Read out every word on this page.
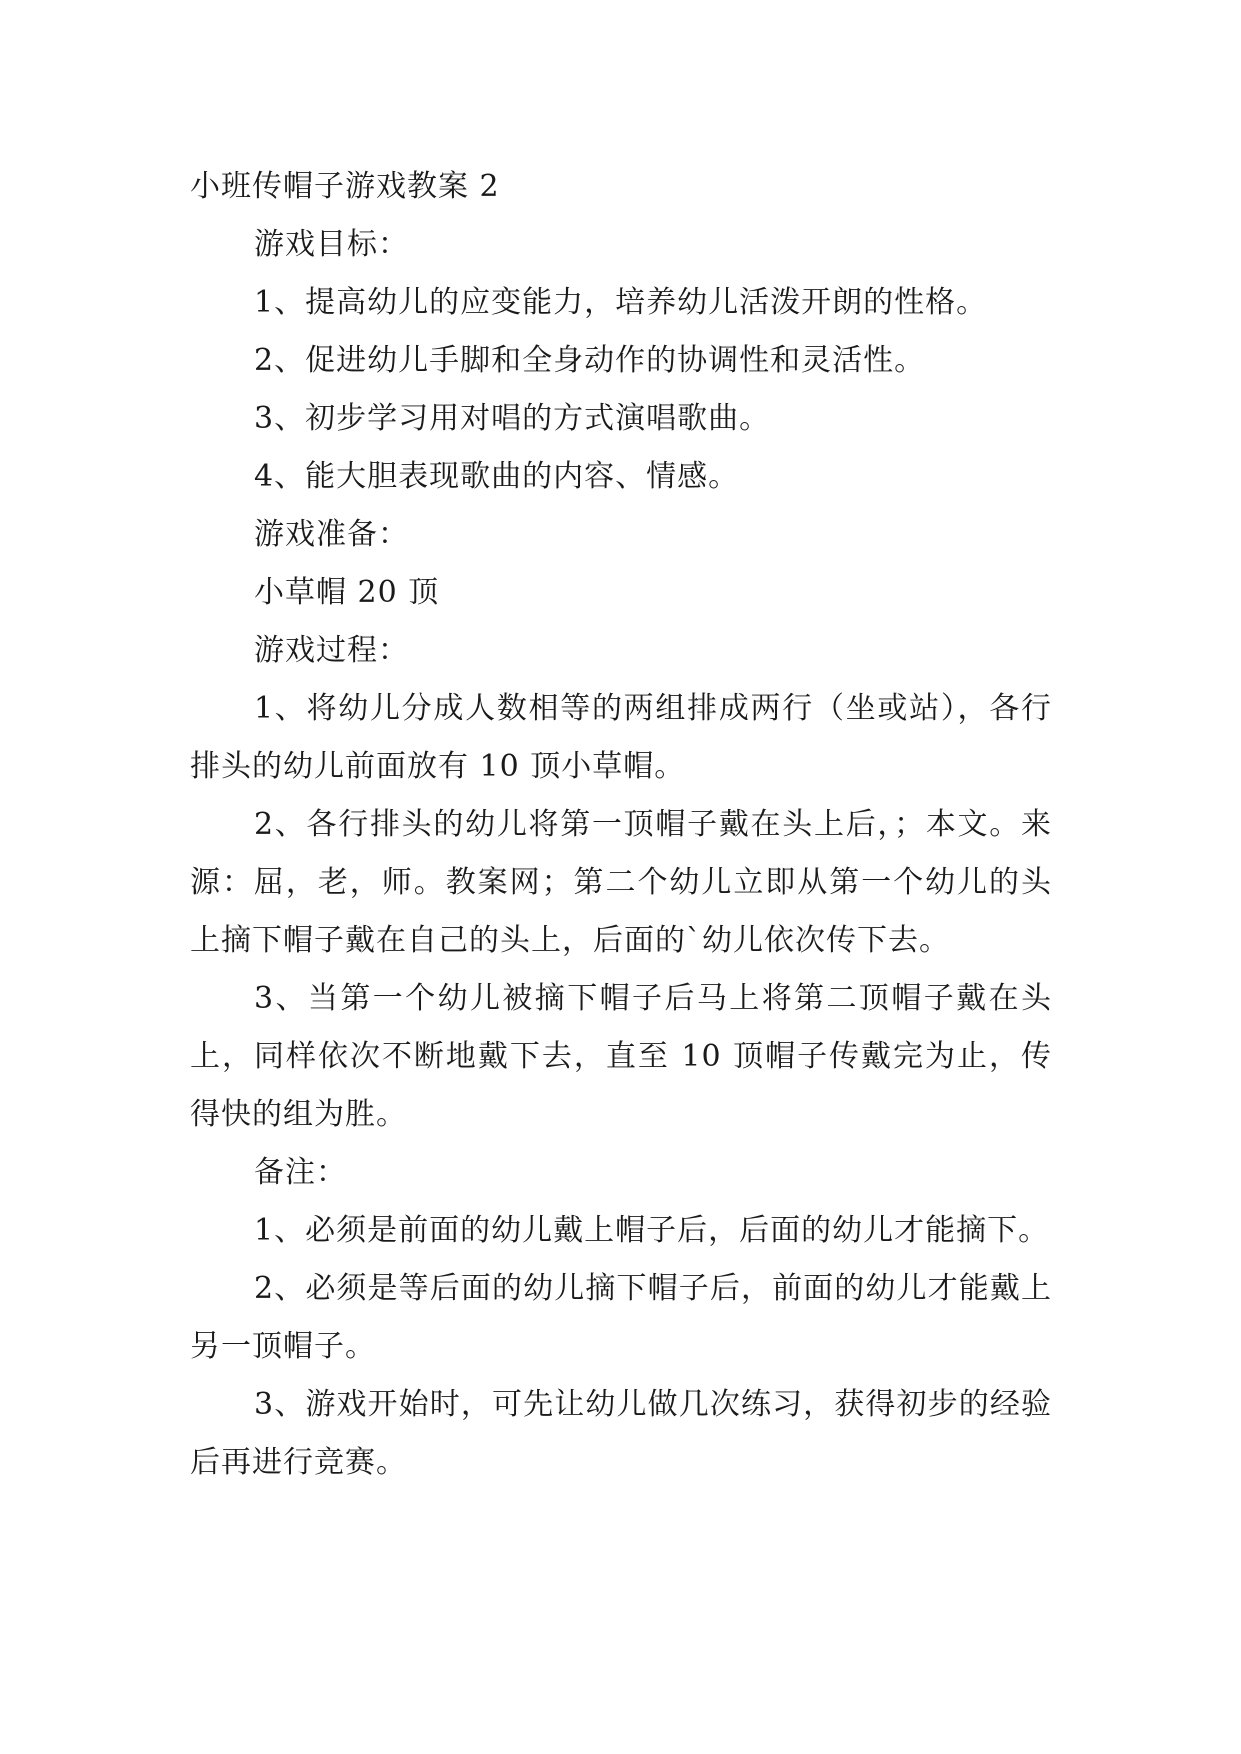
小班传帽子游戏教案 2

游戏目标：

1、提高幼儿的应变能力，培养幼儿活泼开朗的性格。

2、促进幼儿手脚和全身动作的协调性和灵活性。

3、初步学习用对唱的方式演唱歌曲。

4、能大胆表现歌曲的内容、情感。

游戏准备：

小草帽 20 顶

游戏过程：

1、将幼儿分成人数相等的两组排成两行（坐或站），各行排头的幼儿前面放有 10 顶小草帽。

2、各行排头的幼儿将第一顶帽子戴在头上后，；本文。来源：屈，老，师。教案网；第二个幼儿立即从第一个幼儿的头上摘下帽子戴在自己的头上，后面的`幼儿依次传下去。

3、当第一个幼儿被摘下帽子后马上将第二顶帽子戴在头上，同样依次不断地戴下去，直至 10 顶帽子传戴完为止，传得快的组为胜。

备注：

1、必须是前面的幼儿戴上帽子后，后面的幼儿才能摘下。

2、必须是等后面的幼儿摘下帽子后，前面的幼儿才能戴上另一顶帽子。

3、游戏开始时，可先让幼儿做几次练习，获得初步的经验后再进行竞赛。
